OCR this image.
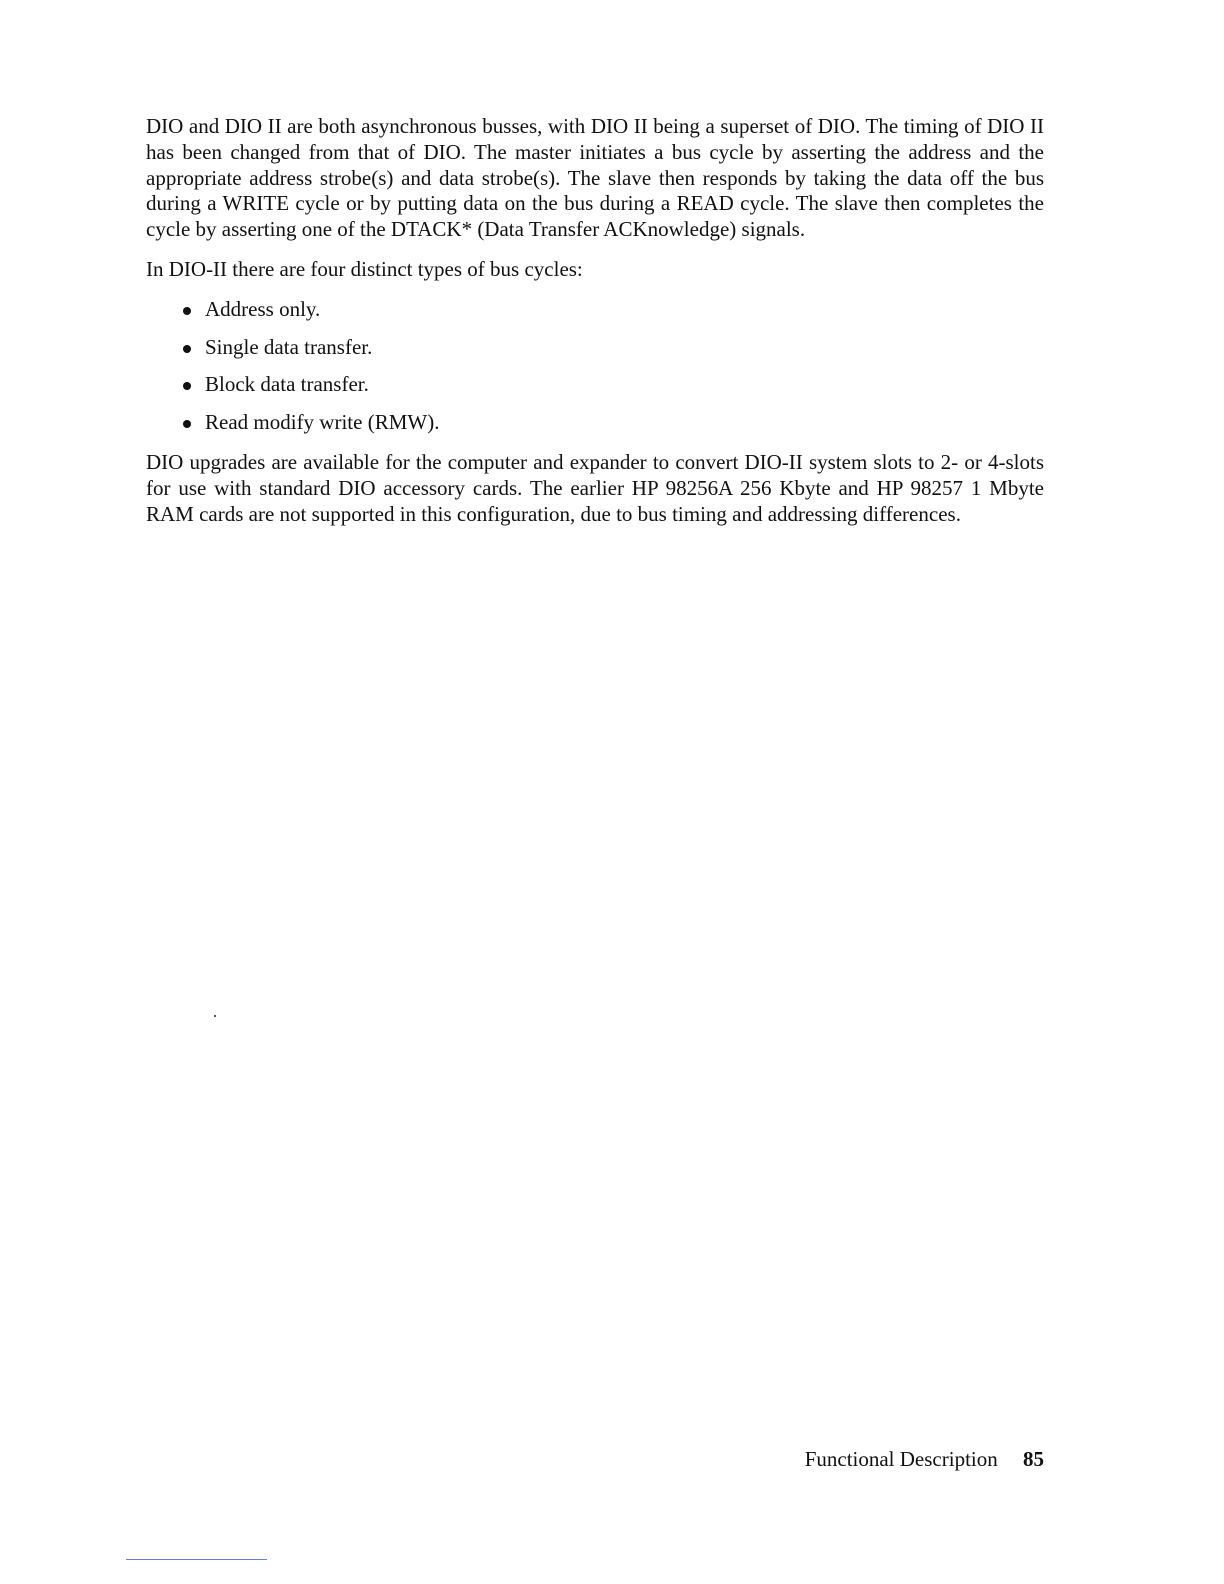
DIO and DIO II are both asynchronous busses, with DIO II being a superset of DIO. The timing of DIO II has been changed from that of DIO. The master initiates a bus cycle by asserting the address and the appropriate address strobe(s) and data strobe(s). The slave then responds by taking the data off the bus during a WRITE cycle or by putting data on the bus during a READ cycle. The slave then completes the cycle by asserting one of the DTACK* (Data Transfer ACKnowledge) signals.

In DIO-II there are four distinct types of bus cycles:

Address only.
Single data transfer.
Block data transfer.
Read modify write (RMW).

DIO upgrades are available for the computer and expander to convert DIO-II system slots to 2- or 4-slots for use with standard DIO accessory cards. The earlier HP 98256A 256 Kbyte and HP 98257 1 Mbyte RAM cards are not supported in this configuration, due to bus timing and addressing differences.

Functional Description 85
